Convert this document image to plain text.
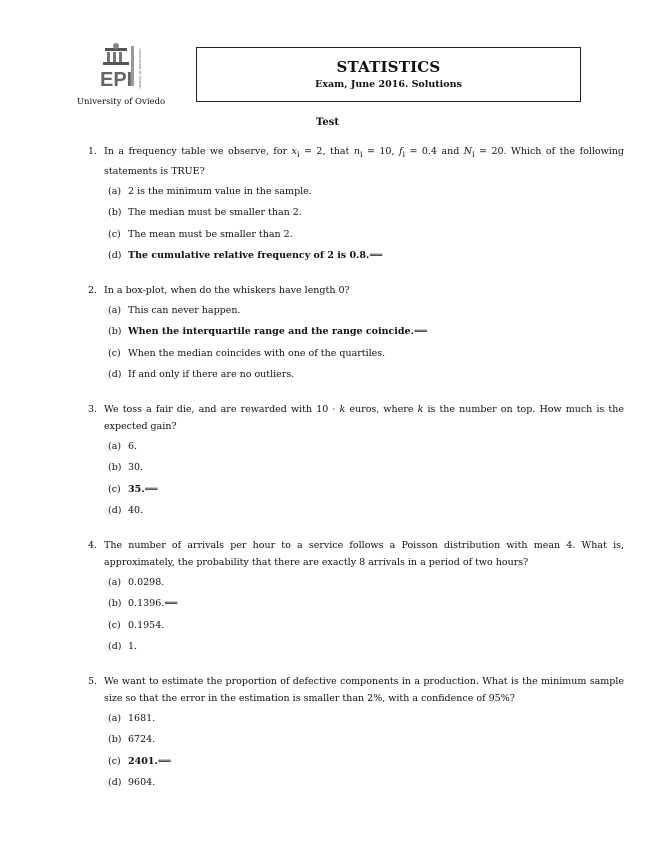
EPI Universidad de Oviedo
University of Oviedo
STATISTICS
Exam, June 2016. Solutions
Test
1. In a frequency table we observe, for $x_i = 2$, that $n_i = 10$, $f_i = 0.4$ and $N_i = 20$. Which of the following statements is TRUE?
(a) 2 is the minimum value in the sample.
(b) The median must be smaller than 2.
(c) The mean must be smaller than 2.
(d) The cumulative relative frequency of 2 is 0.8. ⟸
2. In a box-plot, when do the whiskers have length 0?
(a) This can never happen.
(b) When the interquartile range and the range coincide. ⟸
(c) When the median coincides with one of the quartiles.
(d) If and only if there are no outliers.
3. We toss a fair die, and are rewarded with 10 · k euros, where k is the number on top. How much is the expected gain?
(a) 6.
(b) 30.
(c) 35. ⟸
(d) 40.
4. The number of arrivals per hour to a service follows a Poisson distribution with mean 4. What is, approximately, the probability that there are exactly 8 arrivals in a period of two hours?
(a) 0.0298.
(b) 0.1396. ⟸
(c) 0.1954.
(d) 1.
5. We want to estimate the proportion of defective components in a production. What is the minimum sample size so that the error in the estimation is smaller than 2%, with a confidence of 95%?
(a) 1681.
(b) 6724.
(c) 2401. ⟸
(d) 9604.
